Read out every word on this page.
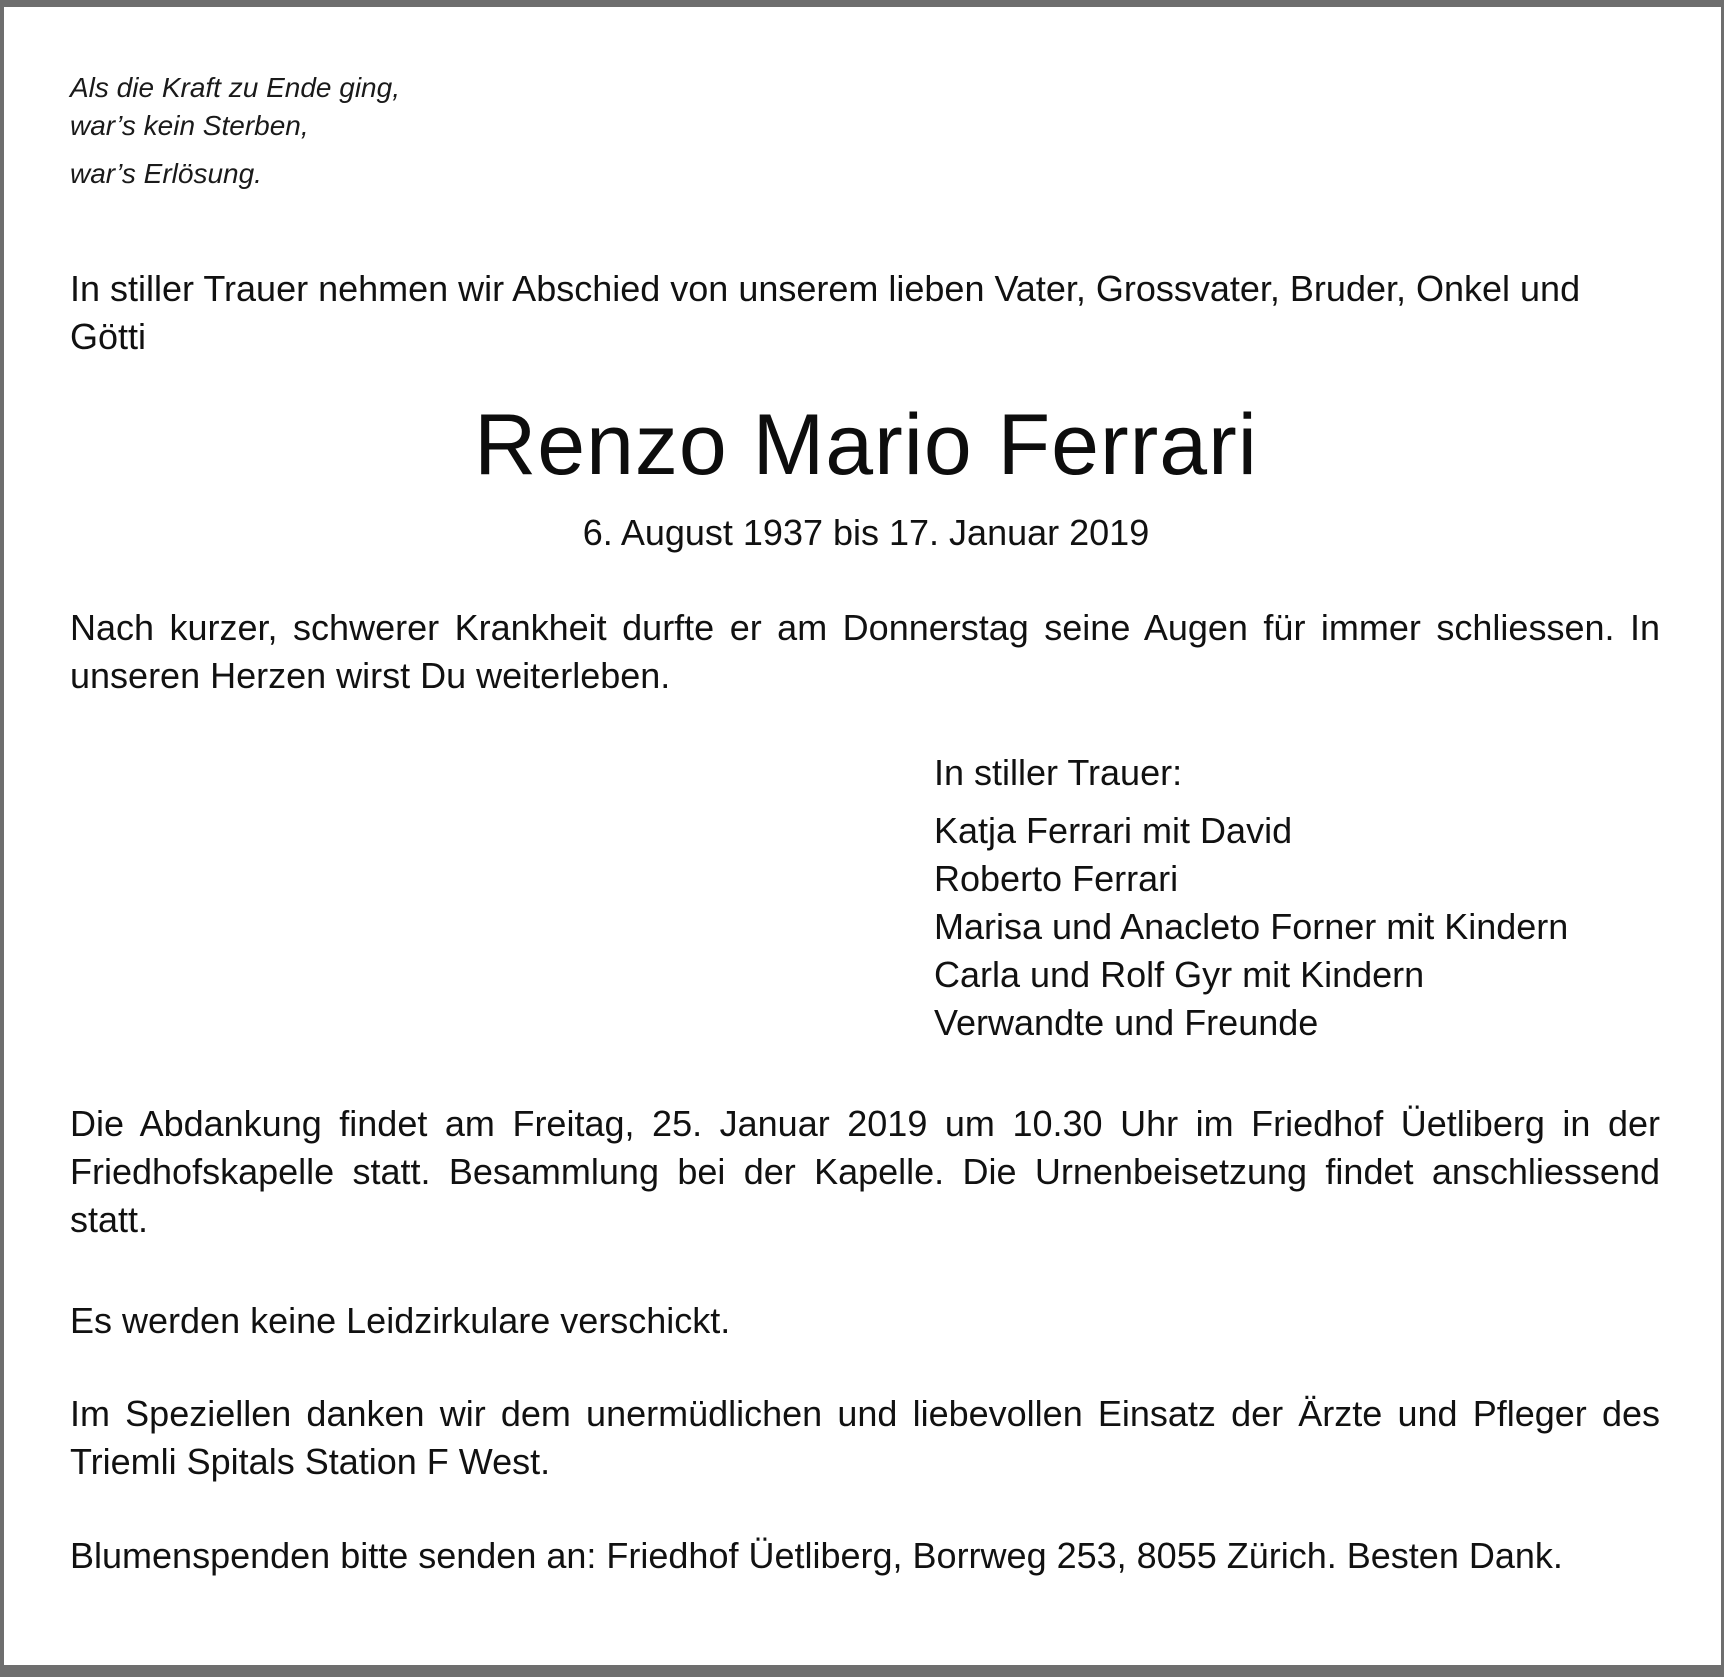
Als die Kraft zu Ende ging,
war’s kein Sterben,
war’s Erlösung.
In stiller Trauer nehmen wir Abschied von unserem lieben Vater, Grossvater, Bruder, Onkel und Götti
Renzo Mario Ferrari
6. August 1937 bis 17. Januar 2019
Nach kurzer, schwerer Krankheit durfte er am Donnerstag seine Augen für immer schliessen. In unseren Herzen wirst Du weiterleben.
In stiller Trauer:
Katja Ferrari mit David
Roberto Ferrari
Marisa und Anacleto Forner mit Kindern
Carla und Rolf Gyr mit Kindern
Verwandte und Freunde
Die Abdankung findet am Freitag, 25. Januar 2019 um 10.30 Uhr im Friedhof Üetliberg in der Friedhofskapelle statt. Besammlung bei der Kapelle. Die Urnenbeisetzung findet anschliessend statt.
Es werden keine Leidzirkulare verschickt.
Im Speziellen danken wir dem unermüdlichen und liebevollen Einsatz der Ärzte und Pfleger des Triemli Spitals Station F West.
Blumenspenden bitte senden an: Friedhof Üetliberg, Borrweg 253, 8055 Zürich. Besten Dank.
